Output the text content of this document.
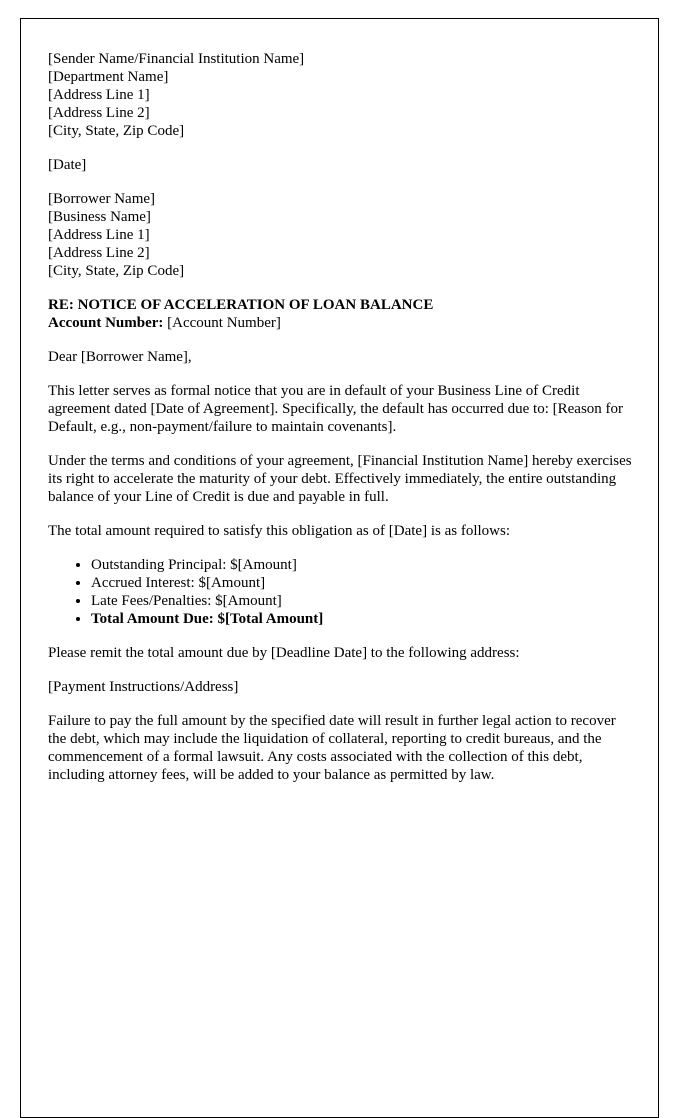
[Sender Name/Financial Institution Name]
[Department Name]
[Address Line 1]
[Address Line 2]
[City, State, Zip Code]
[Date]
[Borrower Name]
[Business Name]
[Address Line 1]
[Address Line 2]
[City, State, Zip Code]
RE: NOTICE OF ACCELERATION OF LOAN BALANCE
Account Number: [Account Number]

Dear [Borrower Name],

This letter serves as formal notice that you are in default of your Business Line of Credit agreement dated [Date of Agreement]. Specifically, the default has occurred due to: [Reason for Default, e.g., non-payment/failure to maintain covenants].

Under the terms and conditions of your agreement, [Financial Institution Name] hereby exercises its right to accelerate the maturity of your debt. Effectively immediately, the entire outstanding balance of your Line of Credit is due and payable in full.

The total amount required to satisfy this obligation as of [Date] is as follows:

• Outstanding Principal: $[Amount]
• Accrued Interest: $[Amount]
• Late Fees/Penalties: $[Amount]
• Total Amount Due: $[Total Amount]

Please remit the total amount due by [Deadline Date] to the following address:

[Payment Instructions/Address]

Failure to pay the full amount by the specified date will result in further legal action to recover the debt, which may include the liquidation of collateral, reporting to credit bureaus, and the commencement of a formal lawsuit. Any costs associated with the collection of this debt, including attorney fees, will be added to your balance as permitted by law.
